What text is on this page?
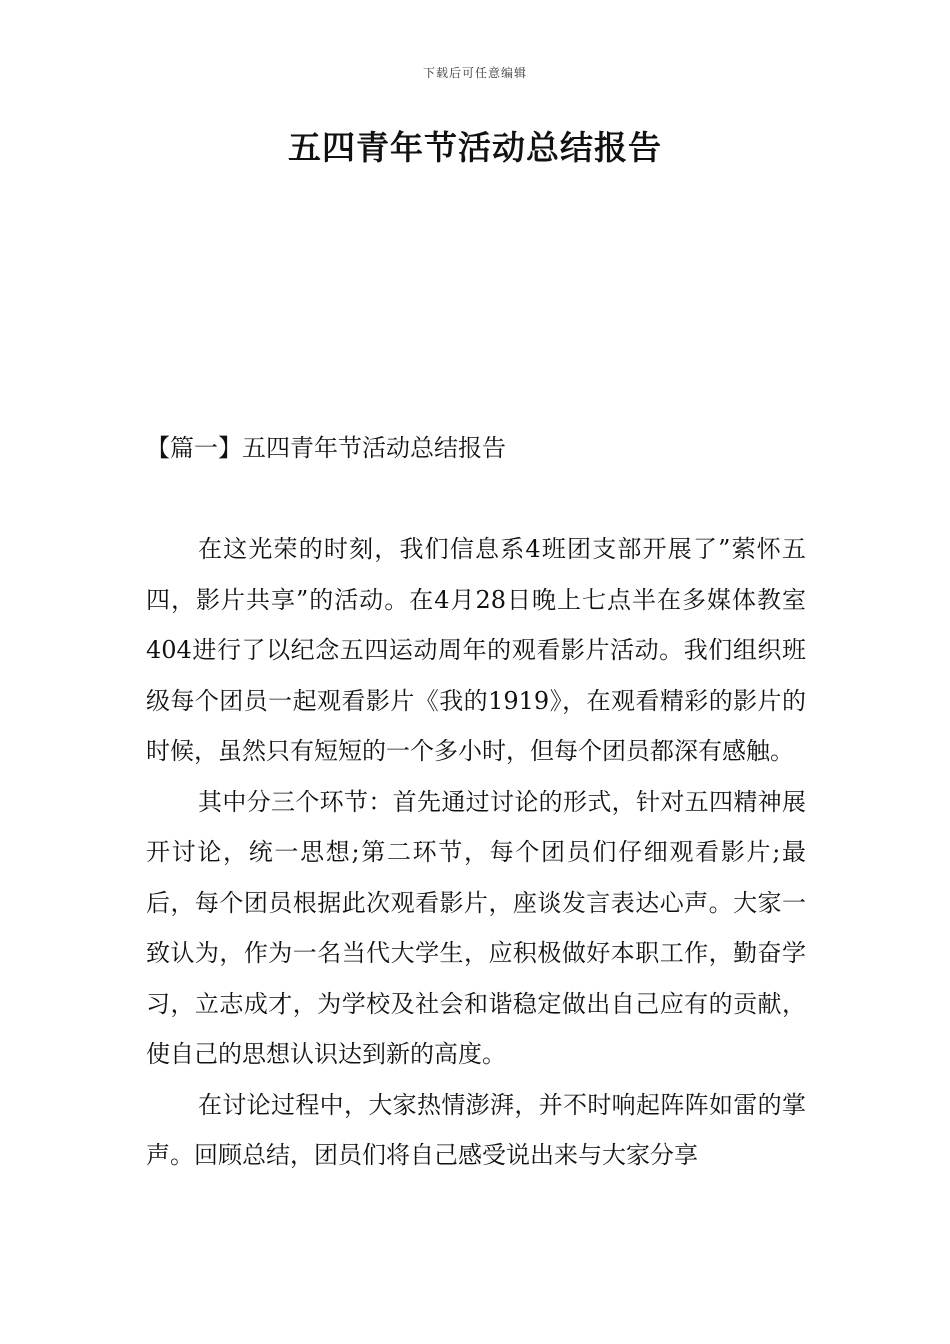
下载后可任意编辑
五四青年节活动总结报告
【篇一】五四青年节活动总结报告

在这光荣的时刻，我们信息系4班团支部开展了”萦怀五四，影片共享”的活动。在4月28日晚上七点半在多媒体教室404进行了以纪念五四运动周年的观看影片活动。我们组织班级每个团员一起观看影片《我的1919》，在观看精彩的影片的时候，虽然只有短短的一个多小时，但每个团员都深有感触。

其中分三个环节：首先通过讨论的形式，针对五四精神展开讨论，统一思想;第二环节，每个团员们仔细观看影片;最后，每个团员根据此次观看影片，座谈发言表达心声。大家一致认为，作为一名当代大学生，应积极做好本职工作，勤奋学习，立志成才，为学校及社会和谐稳定做出自己应有的贡献，使自己的思想认识达到新的高度。

在讨论过程中，大家热情澎湃，并不时响起阵阵如雷的掌声。回顾总结，团员们将自己感受说出来与大家分享
